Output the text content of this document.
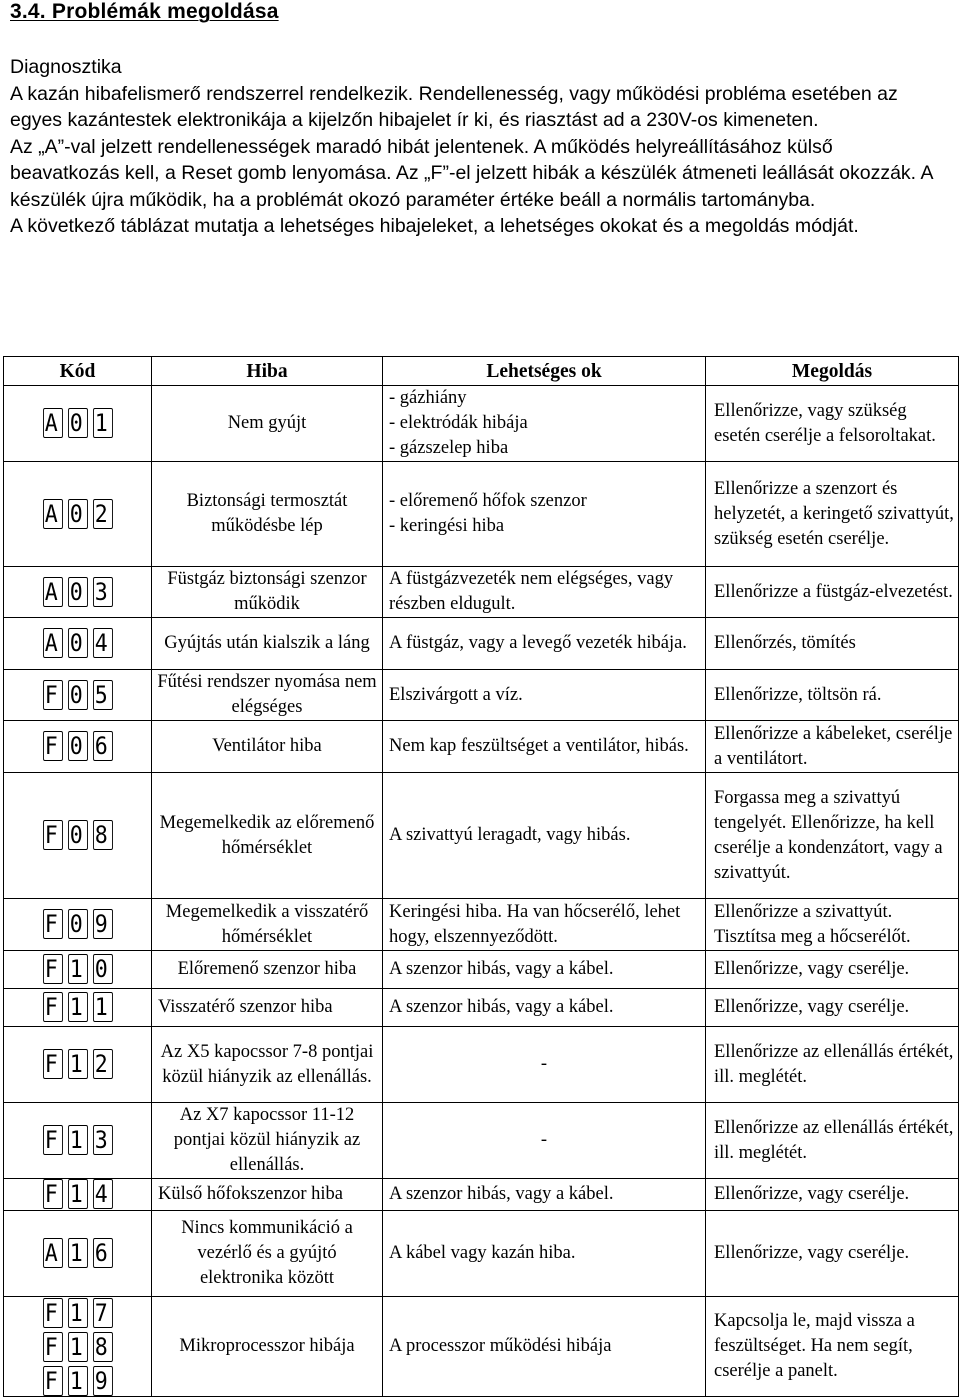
3.4. Problémák megoldása

Diagnosztika

A kazán hibafelismerő rendszerrel rendelkezik. Rendellenesség, vagy működési probléma esetében az egyes kazántestek elektronikája a kijelzőn hibajelet ír ki, és riasztást ad a 230V-os kimeneten.

Az „A”-val jelzett rendellenességek maradó hibát jelentenek. A működés helyreállításához külső beavatkozás kell, a Reset gomb lenyomása. Az „F”-el jelzett hibák a készülék átmeneti leállását okozzák. A készülék újra működik, ha a problémát okozó paraméter értéke beáll a normális tartományba.

A következő táblázat mutatja a lehetséges hibajeleket, a lehetséges okokat és a megoldás módját.

Kód	Hiba	Lehetséges ok	Megoldás

A 0 1	Nem gyújt	- gázhiány
- elektródák hibája
- gázszelep hiba	Ellenőrizze, vagy szükség esetén cserélje a felsoroltakat.

A 0 2	Biztonsági termosztát működésbe lép	- előremenő hőfok szenzor
- keringési hiba	Ellenőrizze a szenzort és helyzetét, a keringető szivattyút, szükség esetén cserélje.

A 0 3	Füstgáz biztonsági szenzor működik	A füstgázvezeték nem elégséges, vagy részben eldugult.	Ellenőrizze a füstgáz-elvezetést.

A 0 4	Gyújtás után kialszik a láng	A füstgáz, vagy a levegő vezeték hibája.	Ellenőrzés, tömítés

F 0 5	Fűtési rendszer nyomása nem elégséges	Elszivárgott a víz.	Ellenőrizze, töltsön rá.

F 0 6	Ventilátor hiba	Nem kap feszültséget a ventilátor, hibás.	Ellenőrizze a kábeleket, cserélje a ventilátort.

F 0 8	Megemelkedik az előremenő hőmérséklet	A szivattyú leragadt, vagy hibás.	Forgassa meg a szivattyú tengelyét. Ellenőrizze, ha kell cserélje a kondenzátort, vagy a szivattyút.

F 0 9	Megemelkedik a visszatérő hőmérséklet	Keringési hiba. Ha van hőcserélő, lehet hogy, elszennyeződött.	Ellenőrizze a szivattyút. Tisztítsa meg a hőcserélőt.

F 1 0	Előremenő szenzor hiba	A szenzor hibás, vagy a kábel.	Ellenőrizze, vagy cserélje.

F 1 1	Visszatérő szenzor hiba	A szenzor hibás, vagy a kábel.	Ellenőrizze, vagy cserélje.

F 1 2	Az X5 kapocssor 7-8 pontjai közül hiányzik az ellenállás.	-	Ellenőrizze az ellenállás értékét, ill. meglétét.

F 1 3	Az X7 kapocssor 11-12 pontjai közül hiányzik az ellenállás.	-	Ellenőrizze az ellenállás értékét, ill. meglétét.

F 1 4	Külső hőfokszenzor hiba	A szenzor hibás, vagy a kábel.	Ellenőrizze, vagy cserélje.

A 1 6	Nincs kommunikáció a vezérlő és a gyújtó elektronika között	A kábel vagy kazán hiba.	Ellenőrizze, vagy cserélje.

F 1 7
F 1 8
F 1 9	Mikroprocesszor hibája	A processzor működési hibája	Kapcsolja le, majd vissza a feszültséget. Ha nem segít, cserélje a panelt.
